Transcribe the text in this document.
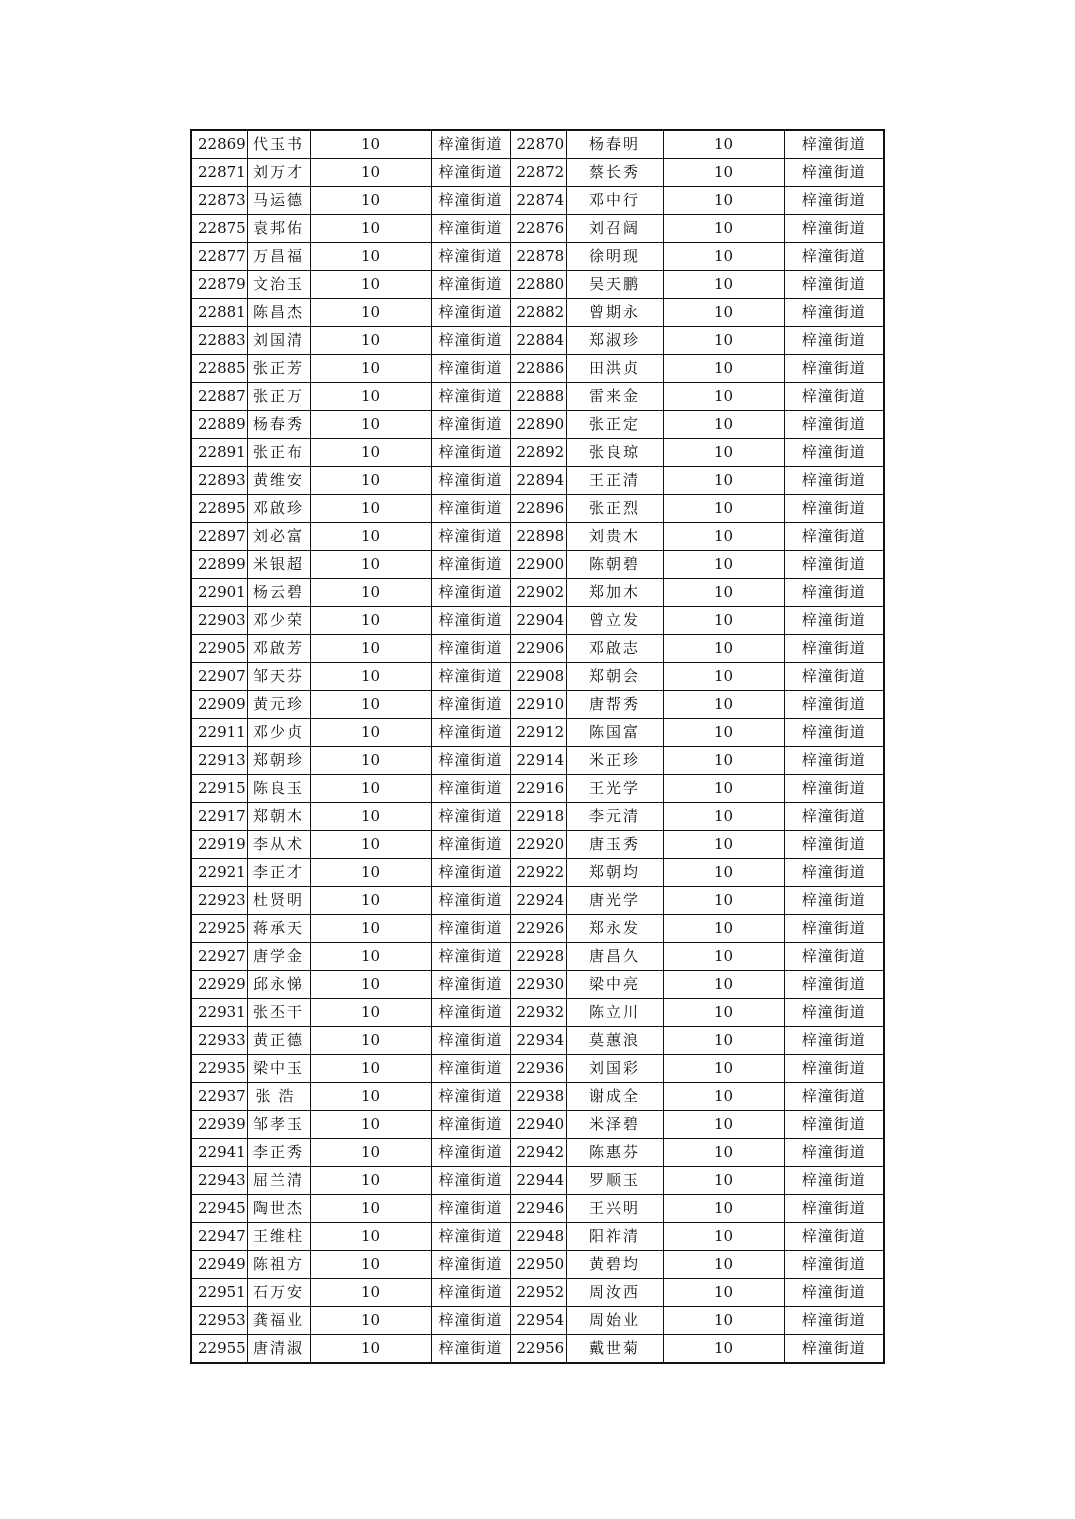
22869	代玉书	10	梓潼街道	22870	杨春明	10	梓潼街道
22871	刘万才	10	梓潼街道	22872	蔡长秀	10	梓潼街道
22873	马运德	10	梓潼街道	22874	邓中行	10	梓潼街道
22875	袁邦佑	10	梓潼街道	22876	刘召阔	10	梓潼街道
22877	万昌福	10	梓潼街道	22878	徐明现	10	梓潼街道
22879	文治玉	10	梓潼街道	22880	吴天鹏	10	梓潼街道
22881	陈昌杰	10	梓潼街道	22882	曾期永	10	梓潼街道
22883	刘国清	10	梓潼街道	22884	郑淑珍	10	梓潼街道
22885	张正芳	10	梓潼街道	22886	田洪贞	10	梓潼街道
22887	张正万	10	梓潼街道	22888	雷来金	10	梓潼街道
22889	杨春秀	10	梓潼街道	22890	张正定	10	梓潼街道
22891	张正布	10	梓潼街道	22892	张良琼	10	梓潼街道
22893	黄维安	10	梓潼街道	22894	王正清	10	梓潼街道
22895	邓啟珍	10	梓潼街道	22896	张正烈	10	梓潼街道
22897	刘必富	10	梓潼街道	22898	刘贵木	10	梓潼街道
22899	米银超	10	梓潼街道	22900	陈朝碧	10	梓潼街道
22901	杨云碧	10	梓潼街道	22902	郑加木	10	梓潼街道
22903	邓少荣	10	梓潼街道	22904	曾立发	10	梓潼街道
22905	邓啟芳	10	梓潼街道	22906	邓啟志	10	梓潼街道
22907	邹天芬	10	梓潼街道	22908	郑朝会	10	梓潼街道
22909	黄元珍	10	梓潼街道	22910	唐帮秀	10	梓潼街道
22911	邓少贞	10	梓潼街道	22912	陈国富	10	梓潼街道
22913	郑朝珍	10	梓潼街道	22914	米正珍	10	梓潼街道
22915	陈良玉	10	梓潼街道	22916	王光学	10	梓潼街道
22917	郑朝木	10	梓潼街道	22918	李元清	10	梓潼街道
22919	李从术	10	梓潼街道	22920	唐玉秀	10	梓潼街道
22921	李正才	10	梓潼街道	22922	郑朝均	10	梓潼街道
22923	杜贤明	10	梓潼街道	22924	唐光学	10	梓潼街道
22925	蒋承天	10	梓潼街道	22926	郑永发	10	梓潼街道
22927	唐学金	10	梓潼街道	22928	唐昌久	10	梓潼街道
22929	邱永悌	10	梓潼街道	22930	梁中亮	10	梓潼街道
22931	张丕干	10	梓潼街道	22932	陈立川	10	梓潼街道
22933	黄正德	10	梓潼街道	22934	莫蕙浪	10	梓潼街道
22935	梁中玉	10	梓潼街道	22936	刘国彩	10	梓潼街道
22937	张浩	10	梓潼街道	22938	谢成全	10	梓潼街道
22939	邹孝玉	10	梓潼街道	22940	米泽碧	10	梓潼街道
22941	李正秀	10	梓潼街道	22942	陈惠芬	10	梓潼街道
22943	屈兰清	10	梓潼街道	22944	罗顺玉	10	梓潼街道
22945	陶世杰	10	梓潼街道	22946	王兴明	10	梓潼街道
22947	王维柱	10	梓潼街道	22948	阳祚清	10	梓潼街道
22949	陈祖方	10	梓潼街道	22950	黄碧均	10	梓潼街道
22951	石万安	10	梓潼街道	22952	周汝西	10	梓潼街道
22953	龚福业	10	梓潼街道	22954	周始业	10	梓潼街道
22955	唐清淑	10	梓潼街道	22956	戴世菊	10	梓潼街道
